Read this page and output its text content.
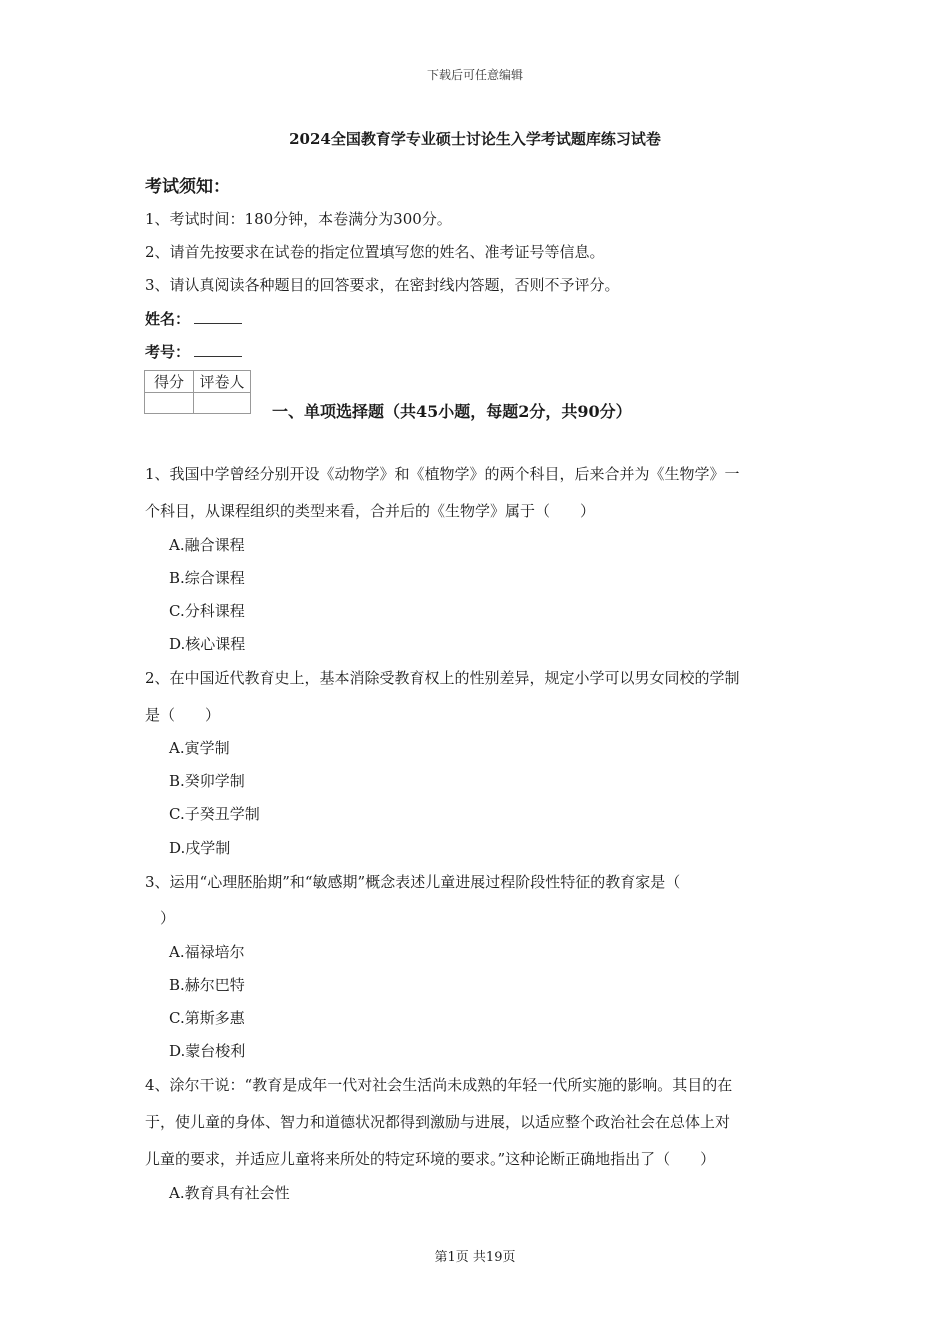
下载后可任意编辑
2024全国教育学专业硕士讨论生入学考试题库练习试卷
考试须知：
1、考试时间：180分钟，本卷满分为300分。
2、请首先按要求在试卷的指定位置填写您的姓名、准考证号等信息。
3、请认真阅读各种题目的回答要求，在密封线内答题，否则不予评分。
姓名：
考号：
得分	评卷人

一、单项选择题（共45小题，每题2分，共90分）
1、我国中学曾经分别开设《动物学》和《植物学》的两个科目，后来合并为《生物学》一
个科目，从课程组织的类型来看，合并后的《生物学》属于（　　）
A.融合课程
B.综合课程
C.分科课程
D.核心课程
2、在中国近代教育史上，基本消除受教育权上的性别差异，规定小学可以男女同校的学制
是（　　）
A.寅学制
B.癸卯学制
C.子癸丑学制
D.戌学制
3、运用“心理胚胎期”和“敏感期”概念表述儿童进展过程阶段性特征的教育家是（
　）
A.福禄培尔
B.赫尔巴特
C.第斯多惠
D.蒙台梭利
4、涂尔干说：“教育是成年一代对社会生活尚未成熟的年轻一代所实施的影响。其目的在
于，使儿童的身体、智力和道德状况都得到激励与进展，以适应整个政治社会在总体上对
儿童的要求，并适应儿童将来所处的特定环境的要求。”这种论断正确地指出了（　　）
A.教育具有社会性
第1页 共19页
